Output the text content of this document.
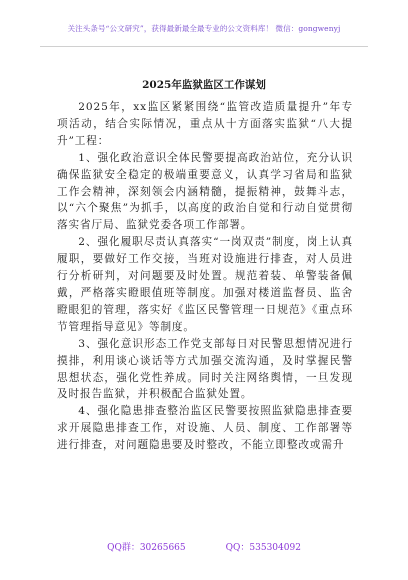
关注头条号“公文研究”，获得最新最全最专业的公文资料库！ 微信：gongwenyj
2025年监狱监区工作谋划

2025年，xx监区紧紧围绕“监管改造质量提升”年专项活动，结合实际情况，重点从十方面落实监狱“八大提升”工程：

1、强化政治意识全体民警要提高政治站位，充分认识确保监狱安全稳定的极端重要意义，认真学习省局和监狱工作会精神，深刻领会内涵精髓，提振精神，鼓舞斗志，以“六个聚焦”为抓手，以高度的政治自觉和行动自觉贯彻落实省厅局、监狱党委各项工作部署。

2、强化履职尽责认真落实“一岗双责”制度，岗上认真履职，要做好工作交接，当班对设施进行排查，对人员进行分析研判，对问题要及时处置。规范着装、单警装备佩戴，严格落实瞪眼值班等制度。加强对楼道监督员、监舍瞪眼犯的管理，落实好《监区民警管理一日规范》《重点环节管理指导意见》等制度。

3、强化意识形态工作党支部每日对民警思想情况进行摸排，利用谈心谈话等方式加强交流沟通，及时掌握民警思想状态，强化党性养成。同时关注网络舆情，一旦发现及时报告监狱，并积极配合监狱处置。

4、强化隐患排查整治监区民警要按照监狱隐患排查要求开展隐患排查工作，对设施、人员、制度、工作部署等进行排查，对问题隐患要及时整改，不能立即整改或需升

QQ群：30265665	QQ：535304092
